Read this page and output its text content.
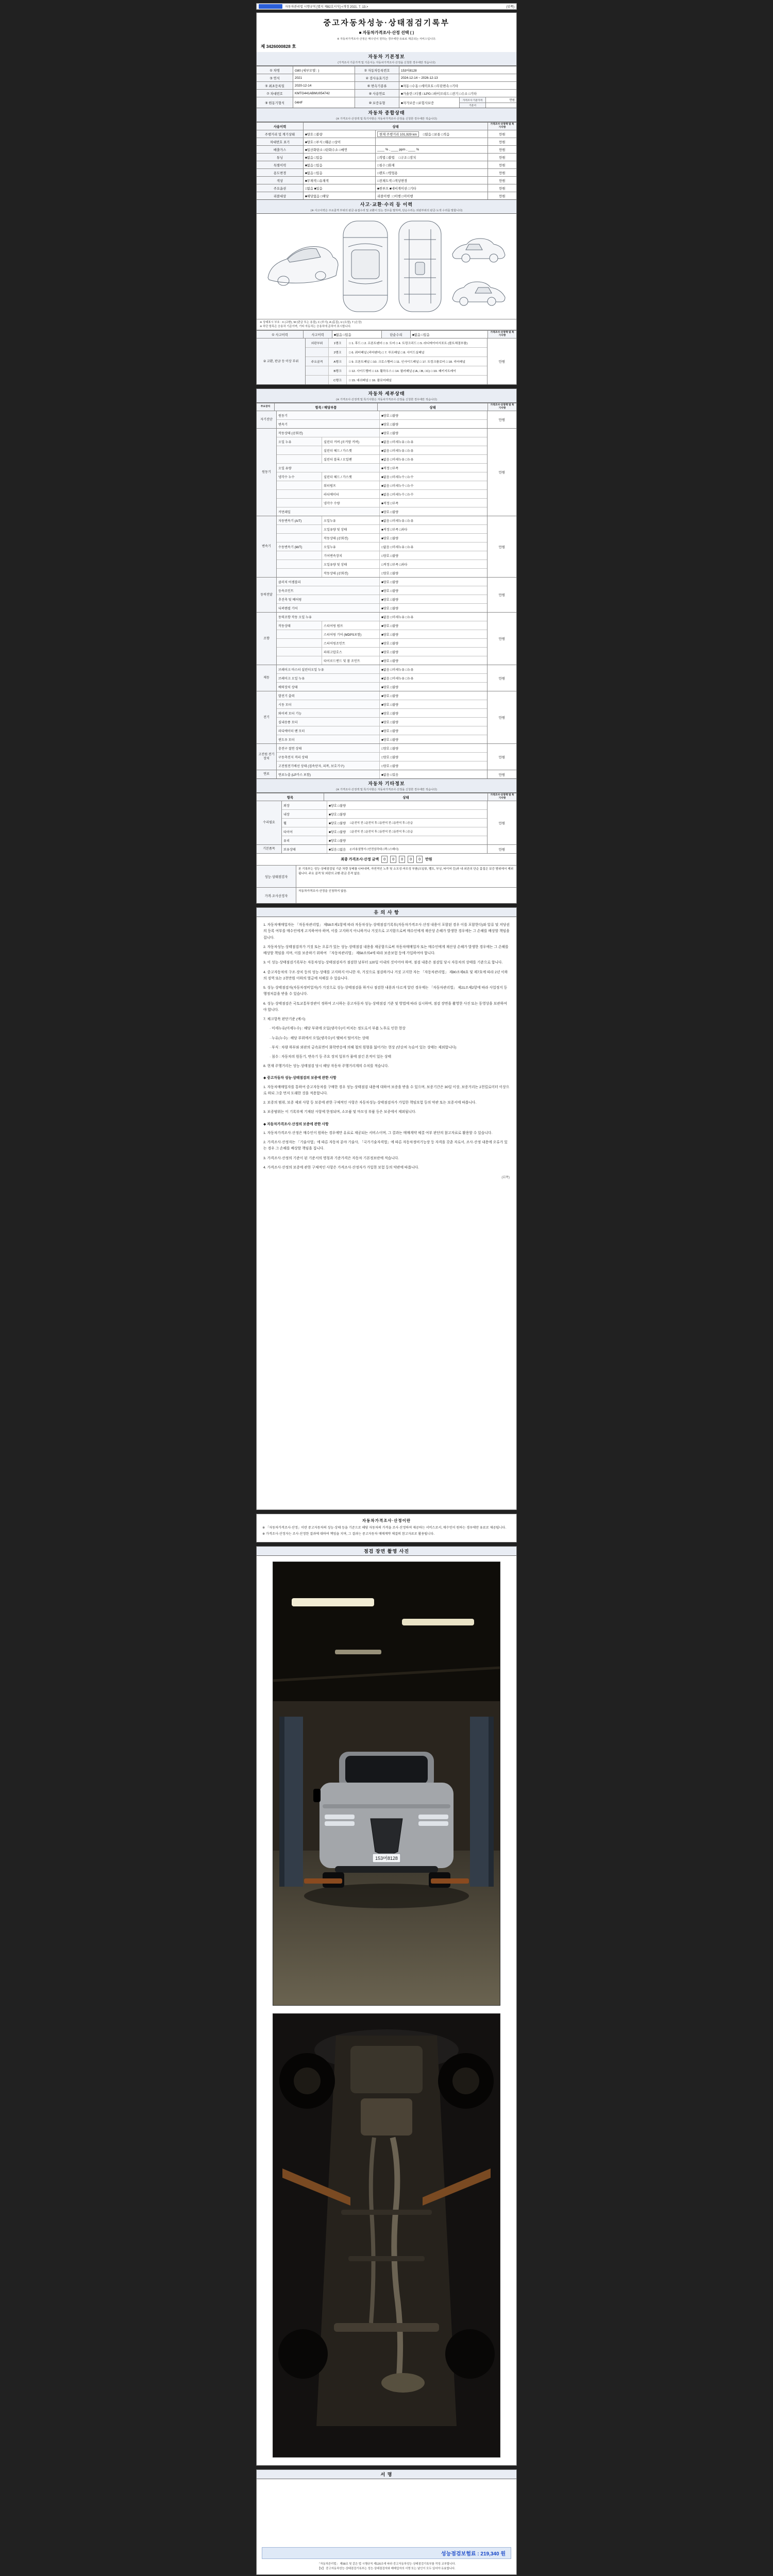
자동차관리법 시행규칙 [별지 제82호서식] <개정 2021. 7. 13.>	(앞쪽)
중고자동차성능·상태점검기록부
■ 자동차가격조사·산정 선택 ( )
※ 자동차가격조사·산정은 매수인이 원하는 경우에만 유료로 제공되는 서비스입니다.
제 3426000828 호
자동차 기본정보
(가격조사 기준가격 및 기준서는 자동차가격조사·산정을 신청한 경우에만 적습니다)
① 차명	G80 (세부모델 : )	② 자동차등록번호	153머8128
③ 연식	2021	④ 검사유효기간	2024-12-14 ~ 2026-12-13
⑤ 최초등록일	2020-12-14	⑥ 변속기종류	■자동 □수동 □세미오토 □무단변속 □기타
⑦ 차대번호	KMTG441ABMU054742	⑧ 사용연료	■가솔린 □디젤 □LPG □하이브리드 □전기 □수소 □기타
⑨ 원동기형식	04HF	⑩ 보증유형	■자가보증 □보험사보증
가격조사 기준가격	만원
기준서
자동차 종합상태
(※ 가격조사·산정액 및 특기사항은 자동차가격조사·산정을 신청한 경우에만 적습니다)
사용이력	상태
가격조사·산정액 및 특기사항
주행거리 및 계기상태	■양호 □불량	현재 주행거리 101,929 km	□많음 □보통 □적음	만원
차대번호 표기	■양호 □부식 □훼손 □상이	만원
배출가스	■일산화탄소 □탄화수소 □매연	____ % , ____ ppm , ____ %	만원
튜닝	■없음 □있음	□적법 □불법 □구조 □장치	만원
특별이력	■없음 □있음	□침수 □화재	만원
용도변경	■없음 □있음	□렌트 □영업용	만원
색상	■무채색 □유채색	□전체도색 □색상변경	만원
주요옵션	□없음 ■있음	■썬루프 ■네비게이션 □기타	만원
리콜대상	■해당없음 □해당	리콜이행 : □이행 □미이행	만원
사고·교환·수리 등 이력
(※ 사고이력은 주요골격 부위의 판금·용접수리 및 교환이 있는 경우를 말하며, 단순수리는 외판부위의 판금·도색 수리를 말합니다)
※ 상태표시 부호 : X (교환), W (판금 또는 용접), C (부식), A (흠집), U (요철), T (손상)
※ 하단 항목은 승용차 기준이며, 기타 자동차는 승용차에 준하여 표시합니다.
① 사고이력	사고이력	■없음 □있음	단순수리	■없음 □있음
가격조사·산정액 및 특기사항
② 교환, 판금 등 이상 부위
외판부위	1랭크	□ 1. 후드 □ 2. 프론트펜더 □ 3. 도어 □ 4. 트렁크리드 □ 5. 라디에이터서포트 (볼트체결부품)
2랭크	□ 6. 쿼터패널 (리어펜더) □ 7. 루프패널 □ 8. 사이드실패널
주요골격	A랭크	□ 9. 프론트패널 □ 10. 크로스멤버 □ 11. 인사이드패널 □ 17. 트렁크플로어 □ 18. 리어패널
B랭크	□ 12. 사이드멤버 □ 13. 휠하우스 □ 14. 필러패널 (□A, □B, □C) □ 19. 패키지트레이
C랭크	□ 15. 대쉬패널 □ 16. 플로어패널
만원
자동차 세부상태
(※ 가격조사·산정액 및 특기사항은 자동차가격조사·산정을 신청한 경우에만 적습니다)
주요장치	항목 / 해당부품	상태
가격조사·산정액 및 특기사항
자기진단
원동기	■양호 □불량
변속기	■양호 □불량
만원
원동기
작동상태 (공회전)	■양호 □불량
오일 누유	실린더 커버 (로커암 커버)	■없음 □미세누유 □누유
실린더 헤드 / 가스켓	■없음 □미세누유 □누유
실린더 블록 / 오일팬	■없음 □미세누유 □누유
오일 유량	■적정 □부족
냉각수 누수	실린더 헤드 / 가스켓	■없음 □미세누수 □누수
워터펌프	■없음 □미세누수 □누수
라디에이터	■없음 □미세누수 □누수
냉각수 수량	■적정 □부족
커먼레일	■양호 □불량
만원
변속기
자동변속기 (A/T)	오일누유	■없음 □미세누유 □누유
오일유량 및 상태	■적정 □부족 □과다
작동상태 (공회전)	■양호 □불량
수동변속기 (M/T)	오일누유	□없음 □미세누유 □누유
기어변속장치	□양호 □불량
오일유량 및 상태	□적정 □부족 □과다
작동상태 (공회전)	□양호 □불량
만원
동력전달
클러치 어셈블리	■양호 □불량
등속조인트	■양호 □불량
추진축 및 베어링	■양호 □불량
디퍼렌셜 기어	■양호 □불량
만원
조향
동력조향 작동 오일 누유	■없음 □미세누유 □누유
작동상태	스티어링 펌프	■양호 □불량
스티어링 기어 (MDPS포함)	■양호 □불량
스티어링조인트	■양호 □불량
파워고압호스	■양호 □불량
타이로드엔드 및 볼 조인트	■양호 □불량
만원
제동
브레이크 마스터 실린더오일 누유	■없음 □미세누유 □누유
브레이크 오일 누유	■없음 □미세누유 □누유
배력장치 상태	■양호 □불량
만원
전기
발전기 출력	■양호 □불량
시동 모터	■양호 □불량
와이퍼 모터 기능	■양호 □불량
실내송풍 모터	■양호 □불량
라디에이터 팬 모터	■양호 □불량
윈도우 모터	■양호 □불량
만원
고전원 전기장치
충전구 절연 상태	□양호 □불량
구동축전지 격리 상태	□양호 □불량
고전원전기배선 상태 (접속단자, 피복, 보호기구)	□양호 □불량
만원
연료	연료누출 (LP가스 포함)	■없음 □있음	만원
자동차 기타정보
(※ 가격조사·산정액 및 특기사항은 자동차가격조사·산정을 신청한 경우에만 적습니다)
항목	상태
가격조사·산정액 및 특기사항
수리필요
외장	■양호 □불량
내장	■양호 □불량
휠	■양호 □불량 □운전석 전 □운전석 후 □동반석 전 □동반석 후 □응급
타이어	■양호 □불량 □운전석 전 □운전석 후 □동반석 전 □동반석 후 □응급
유리	■양호 □불량
만원
기본품목	보유상태	■있음 □없음 (□사용설명서 □안전삼각대 □잭 □스패너)	만원
최종 가격조사·산정 금액	0	0	0	0	0	만원
성능·상태점검자
본 기록부는 성능·상태점검일 기준 차량 상태를 나타내며, 자연적인 노후 및 소모성·마모성 부품(오일류, 벨트, 부싱, 타이어 등)과 내·외관의 단순 흠집은 보증 범위에서 제외됩니다. 주요 골격 및 외판의 교환·판금 흔적 없음.
가격·조사산정자
자동차가격조사·산정을 신청하지 않음.
유 의 사 항

1. 자동차매매업자는 「자동차관리법」 제58조제1항에 따라 자동차성능·상태점검기록부(자동차가격조사·산정 내용이 포함된 경우 이를 포함한다)와 압류 및 저당권의 등록 여부를 매수인에게 고지하여야 하며, 이를 고지하지 아니하거나 거짓으로 고지함으로써 매수인에게 재산상 손해가 발생한 경우에는 그 손해를 배상할 책임을 집니다.

2. 자동차성능·상태점검자가 거짓 또는 오류가 있는 성능·상태점검 내용을 제공함으로써 자동차매매업자 또는 매수인에게 재산상 손해가 발생한 경우에는 그 손해를 배상할 책임을 지며, 이를 보증하기 위하여 「자동차관리법」 제58조의4에 따라 보증보험 등에 가입하여야 합니다.

3. 이 성능·상태점검기록부는 자동차성능·상태점검자가 점검한 날부터 120일 이내의 것이어야 하며, 점검 내용은 점검일 당시 자동차의 상태를 기준으로 합니다.

4. 중고자동차의 구조·장치 등의 성능·상태를 고지하지 아니한 자, 거짓으로 점검하거나 거짓 고지한 자는 「자동차관리법」 제80조제6호 및 제7호에 따라 2년 이하의 징역 또는 2천만원 이하의 벌금에 처해질 수 있습니다.

5. 성능·상태점검자(자동차정비업자)가 거짓으로 성능·상태점검을 하거나 점검한 내용과 다르게 알린 경우에는 「자동차관리법」 제21조제2항에 따라 사업정지 등 행정처분을 받을 수 있습니다.

6. 성능·상태점검은 국토교통부장관이 정하여 고시하는 중고자동차 성능·상태점검 기준 및 방법에 따라 실시하며, 점검 장면을 촬영한 사진 또는 동영상을 보관하여야 합니다.

7. 체크항목 판단기준 (예시)

· 미세누유(미세누수) : 해당 부위에 오일(냉각수)이 비치는 정도로서 부품 노후로 인한 현상

· 누유(누수) : 해당 부위에서 오일(냉각수)이 맺혀서 떨어지는 상태

· 부식 : 차량 하부와 외판의 금속표면이 화학반응에 의해 철의 원형을 잃어가는 현상 (단순히 녹슬어 있는 상태는 제외합니다)

· 침수 : 자동차의 원동기, 변속기 등 주요 장치 일부가 물에 잠긴 흔적이 있는 상태

8. 현재 주행거리는 성능·상태점검 당시 해당 자동차 주행거리계의 수치를 적습니다.

◆ 중고자동차 성능·상태점검의 보증에 관한 사항

1. 자동차매매업자를 통하여 중고자동차를 구매한 경우 성능·상태점검 내용에 대하여 보증을 받을 수 있으며, 보증기간은 30일 이상, 보증거리는 2천킬로미터 이상으로 하되 그중 먼저 도래한 것을 적용합니다.

2. 보증의 범위, 보증 제외 사항 등 보증에 관한 구체적인 사항은 자동차성능·상태점검자가 가입한 책임보험 등의 약관 또는 보증서에 따릅니다.

3. 보증범위는 이 기록부에 기재된 사항에 한정되며, 소모품 및 마모성 부품 등은 보증에서 제외됩니다.

◆ 자동차가격조사·산정의 보증에 관한 사항

1. 자동차가격조사·산정은 매수인이 원하는 경우에만 유료로 제공되는 서비스이며, 그 결과는 매매계약 체결 여부 판단의 참고자료로 활용할 수 있습니다.

2. 가격조사·산정자는 「기술사법」에 따른 자동차 분야 기술사, 「국가기술자격법」에 따른 자동차정비기능장 등 자격을 갖춘 자로서, 조사·산정 내용에 오류가 있는 경우 그 손해를 배상할 책임을 집니다.

3. 가격조사·산정의 기준이 된 기준서의 명칭과 기준가격은 자동차 기본정보란에 적습니다.

4. 가격조사·산정의 보증에 관한 구체적인 사항은 가격조사·산정자가 가입한 보험 등의 약관에 따릅니다.

(뒤쪽)
자동차가격조사·산정이란

※ 「자동차가격조사·산정」이란 중고자동차의 성능·상태 등을 기준으로 해당 자동차의 가격을 조사·산정하여 제공하는 서비스로서, 매수인이 원하는 경우에만 유료로 제공됩니다.

※ 가격조사·산정자는 조사·산정한 결과에 대하여 책임을 지며, 그 결과는 중고자동차 매매계약 체결의 참고자료로 활용됩니다.

점검 장면 촬영 사진
153머8128
서 명
성능점검보험료 : 219,340 원
「자동차관리법」 제58조 및 같은 법 시행규칙 제120조에 따라 중고자동차성능·상태점검기록부를 작성·교부합니다.
【V】 중고자동차성능·상태점검기록부는 성능·상태점검자와 매매업자의 서명 또는 날인이 모두 있어야 유효합니다.
